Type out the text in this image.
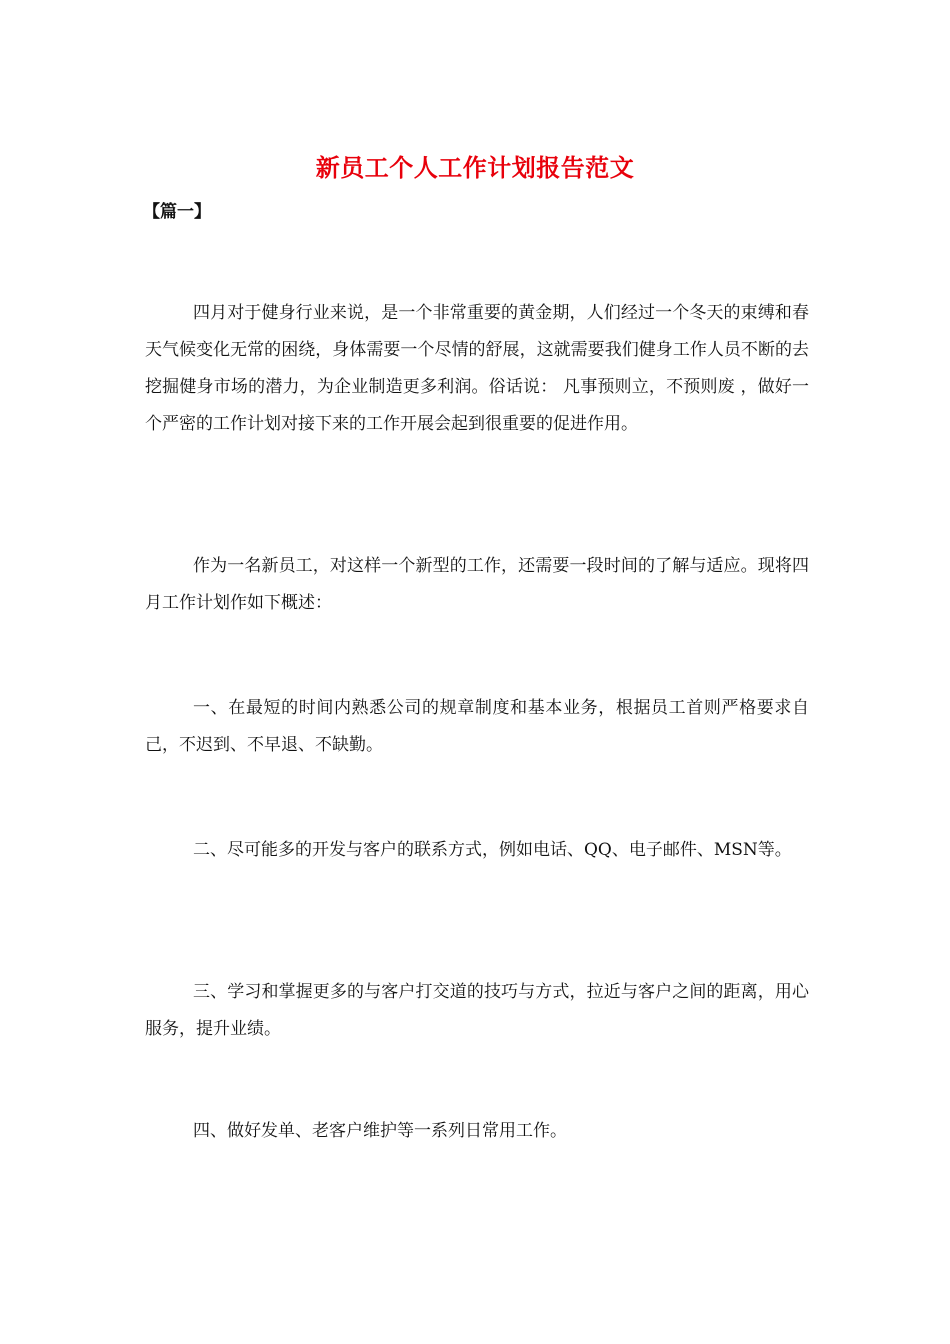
新员工个人工作计划报告范文
【篇一】

四月对于健身行业来说，是一个非常重要的黄金期，人们经过一个冬天的束缚和春天气候变化无常的困绕，身体需要一个尽情的舒展，这就需要我们健身工作人员不断的去挖掘健身市场的潜力，为企业制造更多利润。俗话说： 凡事预则立，不预则废 ，做好一个严密的工作计划对接下来的工作开展会起到很重要的促进作用。

作为一名新员工，对这样一个新型的工作，还需要一段时间的了解与适应。现将四月工作计划作如下概述：

一、在最短的时间内熟悉公司的规章制度和基本业务，根据员工首则严格要求自己，不迟到、不早退、不缺勤。

二、尽可能多的开发与客户的联系方式，例如电话、QQ、电子邮件、MSN等。

三、学习和掌握更多的与客户打交道的技巧与方式，拉近与客户之间的距离，用心服务，提升业绩。

四、做好发单、老客户维护等一系列日常用工作。
